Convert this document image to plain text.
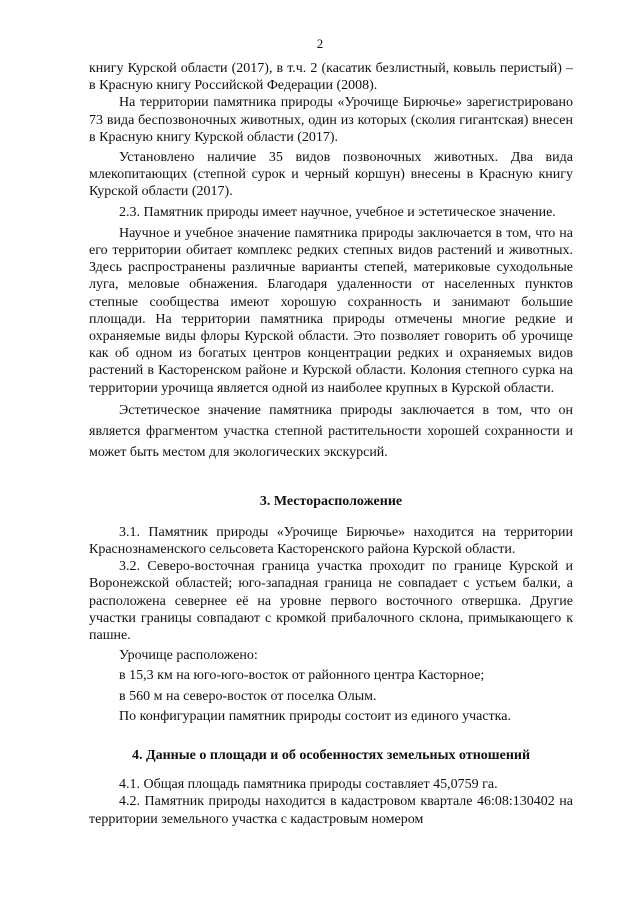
2

книгу Курской области (2017), в т.ч. 2 (касатик безлистный, ковыль перистый) – в Красную книгу Российской Федерации (2008).

На территории памятника природы «Урочище Бирючье» зарегистрировано 73 вида беспозвоночных животных, один из которых (сколия гигантская) внесен в Красную книгу Курской области (2017).

Установлено наличие 35 видов позвоночных животных. Два вида млекопитающих (степной сурок и черный коршун) внесены в Красную книгу Курской области (2017).

2.3. Памятник природы имеет научное, учебное и эстетическое значение.

Научное и учебное значение памятника природы заключается в том, что на его территории обитает комплекс редких степных видов растений и животных. Здесь распространены различные варианты степей, материковые суходольные луга, меловые обнажения. Благодаря удаленности от населенных пунктов степные сообщества имеют хорошую сохранность и занимают большие площади. На территории памятника природы отмечены многие редкие и охраняемые виды флоры Курской области. Это позволяет говорить об урочище как об одном из богатых центров концентрации редких и охраняемых видов растений в Касторенском районе и Курской области. Колония степного сурка на территории урочища является одной из наиболее крупных в Курской области.

Эстетическое значение памятника природы заключается в том, что он является фрагментом участка степной растительности хорошей сохранности и может быть местом для экологических экскурсий.

3. Месторасположение

3.1. Памятник природы «Урочище Бирючье» находится на территории Краснознаменского сельсовета Касторенского района Курской области.

3.2. Северо-восточная граница участка проходит по границе Курской и Воронежской областей; юго-западная граница не совпадает с устьем балки, а расположена севернее её на уровне первого восточного отвершка. Другие участки границы совпадают с кромкой прибалочного склона, примыкающего к пашне.

Урочище расположено:

в 15,3 км на юго-юго-восток от районного центра Касторное;

в 560 м на северо-восток от поселка Олым.

По конфигурации памятник природы состоит из единого участка.

4. Данные о площади и об особенностях земельных отношений

4.1. Общая площадь памятника природы составляет 45,0759 га.

4.2. Памятник природы находится в кадастровом квартале 46:08:130402 на территории земельного участка с кадастровым номером
